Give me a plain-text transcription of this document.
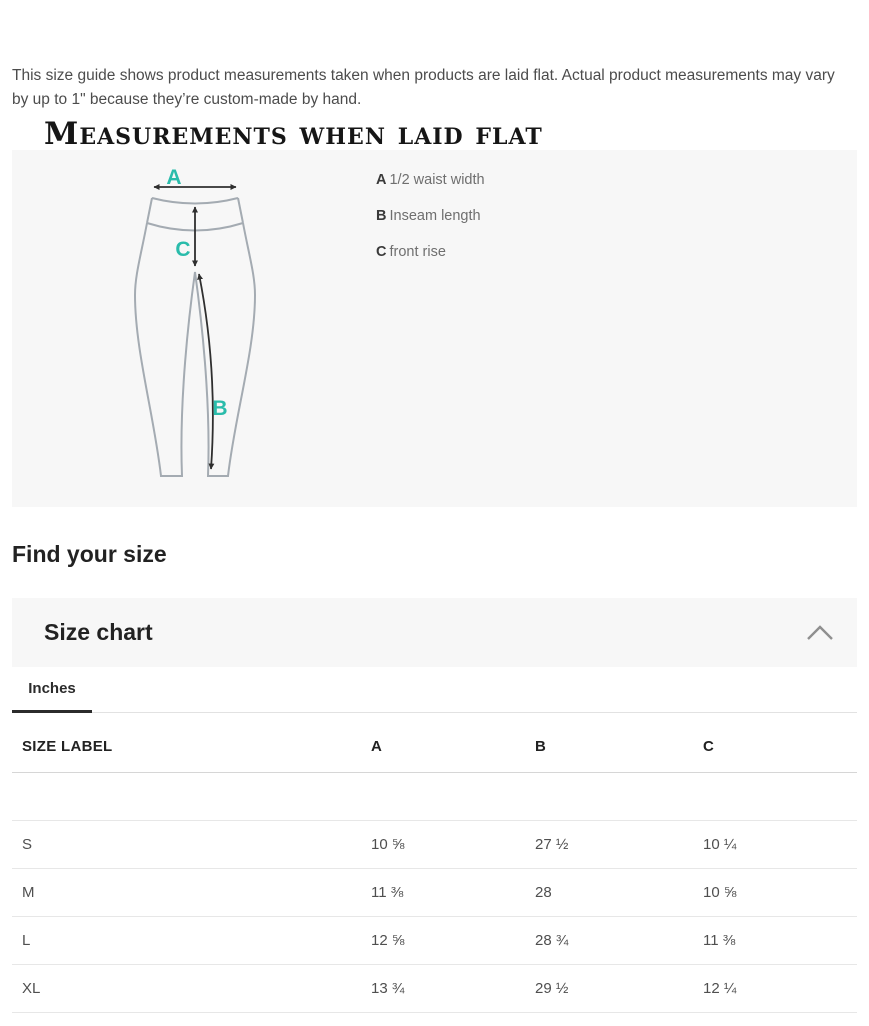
This size guide shows product measurements taken when products are laid flat. Actual product measurements may vary by up to 1" because they’re custom-made by hand.

Measurements when laid flat
A
C
B
A 1/2 waist width
B Inseam length
C front rise
Find your size
Size chart
Inches
SIZE LABEL	A	B	C

S	10 ⅝	27 ½	10 ¼
M	11 ⅜	28	10 ⅝
L	12 ⅝	28 ¾	11 ⅜
XL	13 ¾	29 ½	12 ¼
